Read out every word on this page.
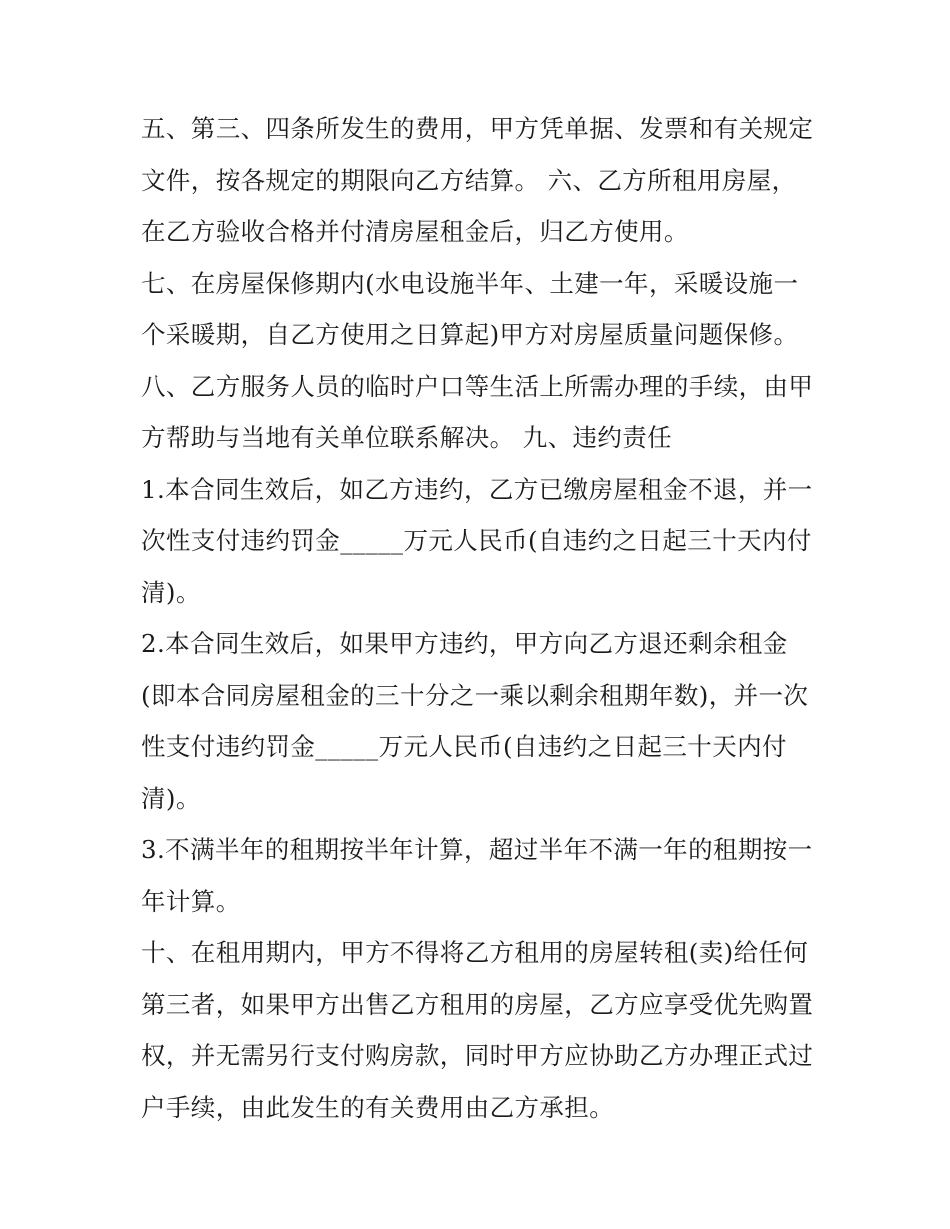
五、第三、四条所发生的费用，甲方凭单据、发票和有关规定
文件，按各规定的期限向乙方结算。 六、乙方所租用房屋，
在乙方验收合格并付清房屋租金后，归乙方使用。
七、在房屋保修期内(水电设施半年、土建一年，采暖设施一
个采暖期，自乙方使用之日算起)甲方对房屋质量问题保修。
八、乙方服务人员的临时户口等生活上所需办理的手续，由甲
方帮助与当地有关单位联系解决。 九、违约责任
1.本合同生效后，如乙方违约，乙方已缴房屋租金不退，并一
次性支付违约罚金_____万元人民币(自违约之日起三十天内付
清)。
2.本合同生效后，如果甲方违约，甲方向乙方退还剩余租金
(即本合同房屋租金的三十分之一乘以剩余租期年数)，并一次
性支付违约罚金_____万元人民币(自违约之日起三十天内付
清)。
3.不满半年的租期按半年计算，超过半年不满一年的租期按一
年计算。
十、在租用期内，甲方不得将乙方租用的房屋转租(卖)给任何
第三者，如果甲方出售乙方租用的房屋，乙方应享受优先购置
权，并无需另行支付购房款，同时甲方应协助乙方办理正式过
户手续，由此发生的有关费用由乙方承担。
